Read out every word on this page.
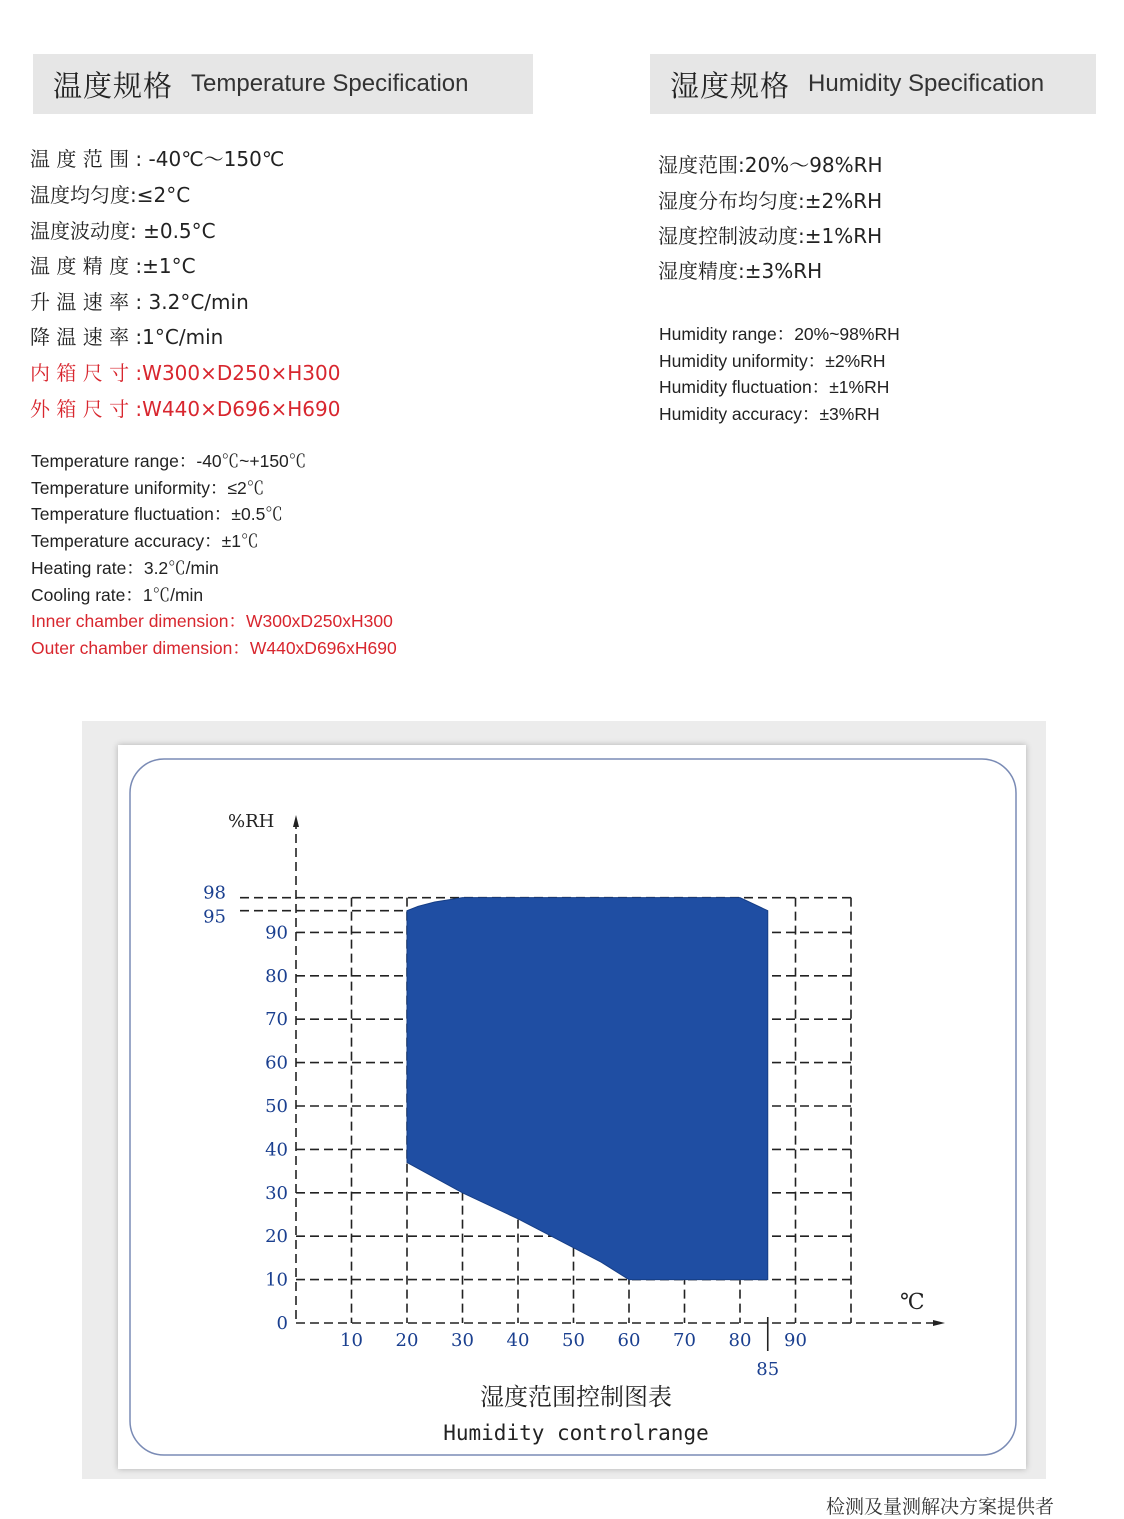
温度规格 Temperature Specification	湿度规格 Humidity Specification
温 度 范 围 : -40℃～150℃
温度均匀度:≤2°C
温度波动度: ±0.5°C
温 度 精 度 :±1°C
升 温 速 率 : 3.2°C/min
降 温 速 率 :1°C/min
内 箱 尺 寸 :W300×D250×H300
外 箱 尺 寸 :W440×D696×H690
Temperature range：-40℃~+150℃
Temperature uniformity：≤2℃
Temperature fluctuation：±0.5℃
Temperature accuracy：±1℃
Heating rate：3.2℃/min
Cooling rate：1℃/min
Inner chamber dimension：W300xD250xH300
Outer chamber dimension：W440xD696xH690
湿度范围:20%～98%RH
湿度分布均匀度:±2%RH
湿度控制波动度:±1%RH
湿度精度:±3%RH
Humidity range：20%~98%RH
Humidity uniformity：±2%RH
Humidity fluctuation：±1%RH
Humidity accuracy：±3%RH
%RH
℃
0
10
20
30
40
50
60
70
80
90
95
98
10 20 30 40 50 60 70 80 90
85
湿度范围控制图表
Humidity controlrange
检测及量测解决方案提供者
